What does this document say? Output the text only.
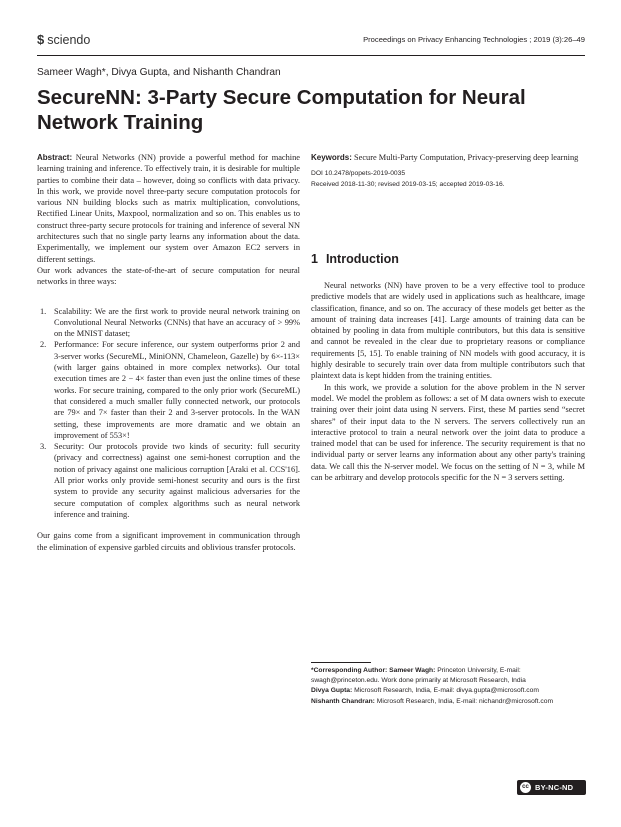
$ sciendo	Proceedings on Privacy Enhancing Technologies ; 2019 (3):26–49
Sameer Wagh*, Divya Gupta, and Nishanth Chandran
SecureNN: 3-Party Secure Computation for Neural Network Training

Abstract: Neural Networks (NN) provide a powerful method for machine learning training and inference. To effectively train, it is desirable for multiple parties to combine their data – however, doing so conflicts with data privacy. In this work, we provide novel three-party secure computation protocols for various NN building blocks such as matrix multiplication, convolutions, Rectified Linear Units, Maxpool, normalization and so on. This enables us to construct three-party secure protocols for training and inference of several NN architectures such that no single party learns any information about the data. Experimentally, we implement our system over Amazon EC2 servers in different settings.

Our work advances the state-of-the-art of secure computation for neural networks in three ways:

1. Scalability: We are the first work to provide neural network training on Convolutional Neural Networks (CNNs) that have an accuracy of > 99% on the MNIST dataset;
2. Performance: For secure inference, our system outperforms prior 2 and 3-server works (SecureML, MiniONN, Chameleon, Gazelle) by 6×-113× (with larger gains obtained in more complex networks). Our total execution times are 2 − 4× faster than even just the online times of these works. For secure training, compared to the only prior work (SecureML) that considered a much smaller fully connected network, our protocols are 79× and 7× faster than their 2 and 3-server protocols. In the WAN setting, these improvements are more dramatic and we obtain an improvement of 553×!
3. Security: Our protocols provide two kinds of security: full security (privacy and correctness) against one semi-honest corruption and the notion of privacy against one malicious corruption [Araki et al. CCS'16]. All prior works only provide semi-honest security and ours is the first system to provide any security against malicious adversaries for the secure computation of complex algorithms such as neural network inference and training.

Our gains come from a significant improvement in communication through the elimination of expensive garbled circuits and oblivious transfer protocols.

Keywords: Secure Multi-Party Computation, Privacy-preserving deep learning

DOI 10.2478/popets-2019-0035
Received 2018-11-30; revised 2019-03-15; accepted 2019-03-16.
1 Introduction

Neural networks (NN) have proven to be a very effective tool to produce predictive models that are widely used in applications such as healthcare, image classification, finance, and so on. The accuracy of these models get better as the amount of training data increases [41]. Large amounts of training data can be obtained by pooling in data from multiple contributors, but this data is sensitive and cannot be revealed in the clear due to proprietary reasons or compliance requirements [5, 15]. To enable training of NN models with good accuracy, it is highly desirable to securely train over data from multiple contributors such that plaintext data is kept hidden from the training entities.

In this work, we provide a solution for the above problem in the N server model. We model the problem as follows: a set of M data owners wish to execute training over their joint data using N servers. First, these M parties send “secret shares” of their input data to the N servers. The servers collectively run an interactive protocol to train a neural network over the joint data to produce a trained model that can be used for inference. The security requirement is that no individual party or server learns any information about any other party's training data. We call this the N-server model. We focus on the setting of N = 3, while M can be arbitrary and develop protocols specific for the N = 3 servers setting.

*Corresponding Author: Sameer Wagh: Princeton University, E-mail: swagh@princeton.edu. Work done primarily at Microsoft Research, India

Divya Gupta: Microsoft Research, India, E-mail: divya.gupta@microsoft.com

Nishanth Chandran: Microsoft Research, India, E-mail: nichandr@microsoft.com

cc BY-NC-ND
